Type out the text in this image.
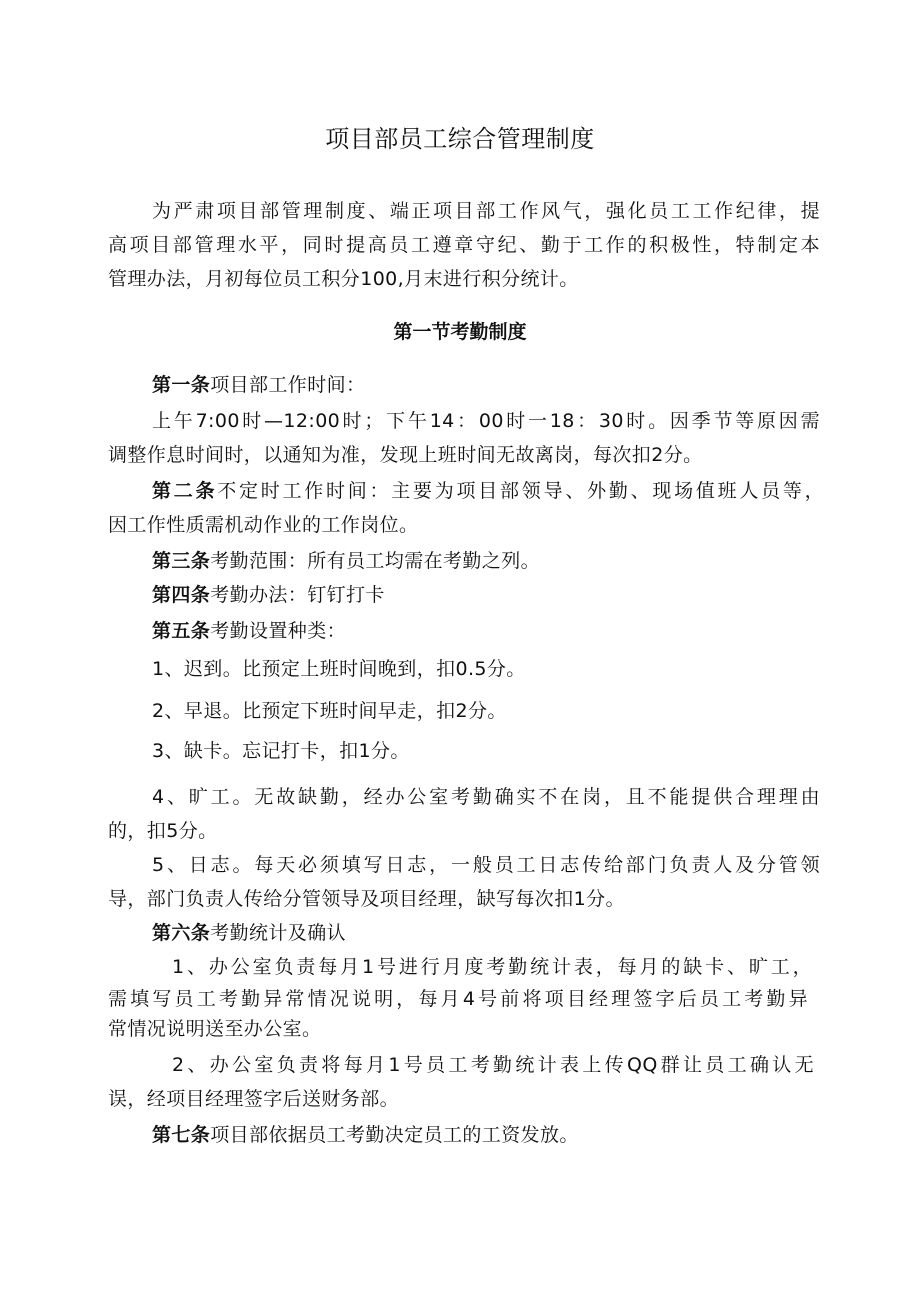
项目部员工综合管理制度
为严肃项目部管理制度、端正项目部工作风气，强化员工工作纪律，提
高项目部管理水平，同时提高员工遵章守纪、勤于工作的积极性，特制定本
管理办法，月初每位员工积分100,月末进行积分统计。
第一节考勤制度
第一条项目部工作时间：
上午7:00时—12:00时；下午14：00时一18：30时。因季节等原因需
调整作息时间时，以通知为准，发现上班时间无故离岗，每次扣2分。
第二条不定时工作时间：主要为项目部领导、外勤、现场值班人员等，
因工作性质需机动作业的工作岗位。
第三条考勤范围：所有员工均需在考勤之列。
第四条考勤办法：钉钉打卡
第五条考勤设置种类：
1、迟到。比预定上班时间晚到，扣0.5分。
2、早退。比预定下班时间早走，扣2分。
3、缺卡。忘记打卡，扣1分。
4、旷工。无故缺勤，经办公室考勤确实不在岗，且不能提供合理理由
的，扣5分。
5、日志。每天必须填写日志，一般员工日志传给部门负责人及分管领
导，部门负责人传给分管领导及项目经理，缺写每次扣1分。
第六条考勤统计及确认
1、办公室负责每月1号进行月度考勤统计表，每月的缺卡、旷工，
需填写员工考勤异常情况说明，每月4号前将项目经理签字后员工考勤异
常情况说明送至办公室。
2、办公室负责将每月1号员工考勤统计表上传QQ群让员工确认无
误，经项目经理签字后送财务部。
第七条项目部依据员工考勤决定员工的工资发放。
